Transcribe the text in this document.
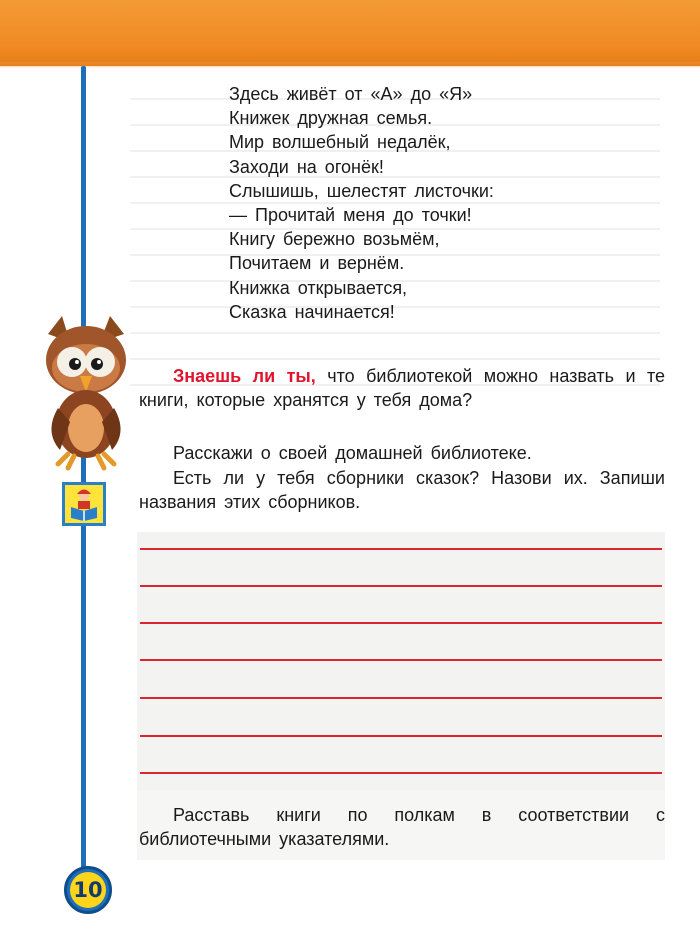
Здесь живёт от «А» до «Я»
Книжек дружная семья.
Мир волшебный недалёк,
Заходи на огонёк!
Слышишь, шелестят листочки:
— Прочитай меня до точки!
Книгу бережно возьмём,
Почитаем и вернём.
Книжка открывается,
Сказка начинается!

Знаешь ли ты, что библиотекой можно назвать и те книги, которые хранятся у тебя дома?

Расскажи о своей домашней библиотеке.

Есть ли у тебя сборники сказок? Назови их. Запиши названия этих сборников.

Расставь книги по полкам в соответствии с библиотечными указателями.

10
